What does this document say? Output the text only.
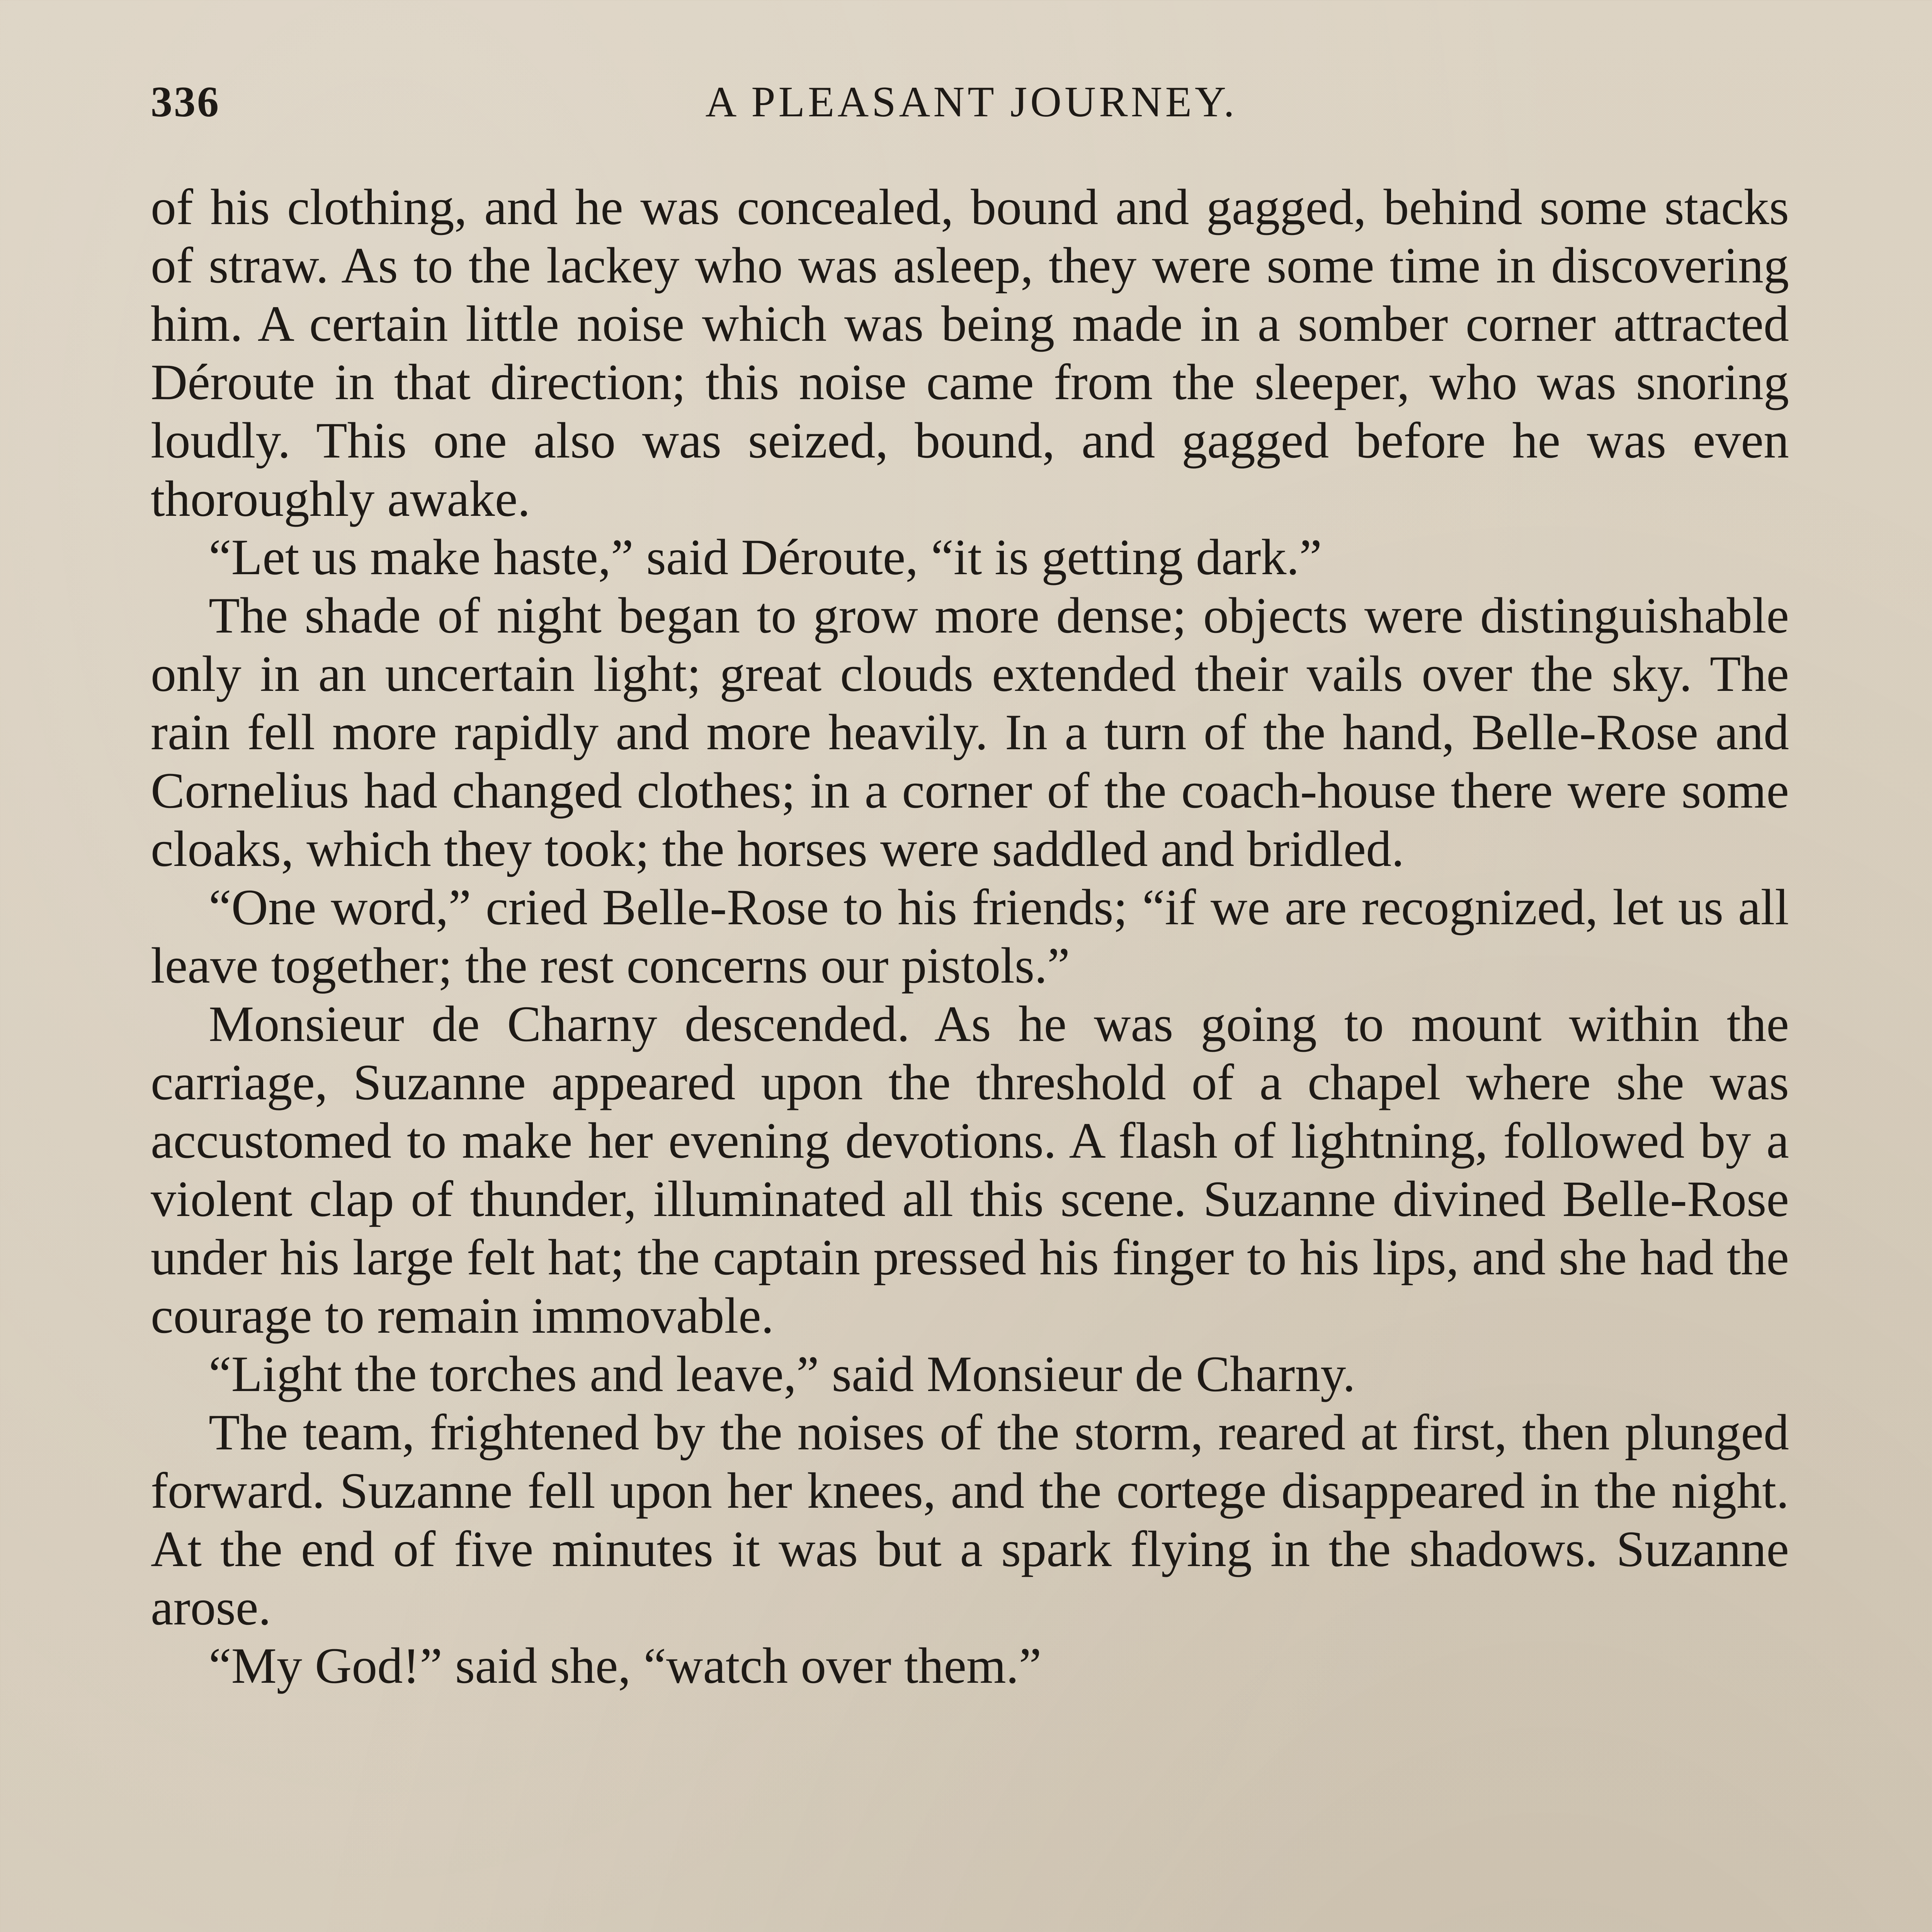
336	A PLEASANT JOURNEY.

of his clothing, and he was concealed, bound and gagged, behind some stacks of straw. As to the lackey who was asleep, they were some time in discovering him. A certain little noise which was being made in a somber corner attracted Déroute in that direction; this noise came from the sleeper, who was snoring loudly. This one also was seized, bound, and gagged before he was even thoroughly awake.

“Let us make haste,” said Déroute, “it is getting dark.”

The shade of night began to grow more dense; objects were distinguishable only in an uncertain light; great clouds extended their vails over the sky. The rain fell more rapidly and more heavily. In a turn of the hand, Belle-Rose and Cornelius had changed clothes; in a corner of the coach-house there were some cloaks, which they took; the horses were saddled and bridled.

“One word,” cried Belle-Rose to his friends; “if we are recognized, let us all leave together; the rest concerns our pistols.”

Monsieur de Charny descended. As he was going to mount within the carriage, Suzanne appeared upon the threshold of a chapel where she was accustomed to make her evening devotions. A flash of lightning, followed by a violent clap of thunder, illuminated all this scene. Suzanne divined Belle-Rose under his large felt hat; the captain pressed his finger to his lips, and she had the courage to remain immovable.

“Light the torches and leave,” said Monsieur de Charny.

The team, frightened by the noises of the storm, reared at first, then plunged forward. Suzanne fell upon her knees, and the cortege disappeared in the night. At the end of five minutes it was but a spark flying in the shadows. Suzanne arose.

“My God!” said she, “watch over them.”
